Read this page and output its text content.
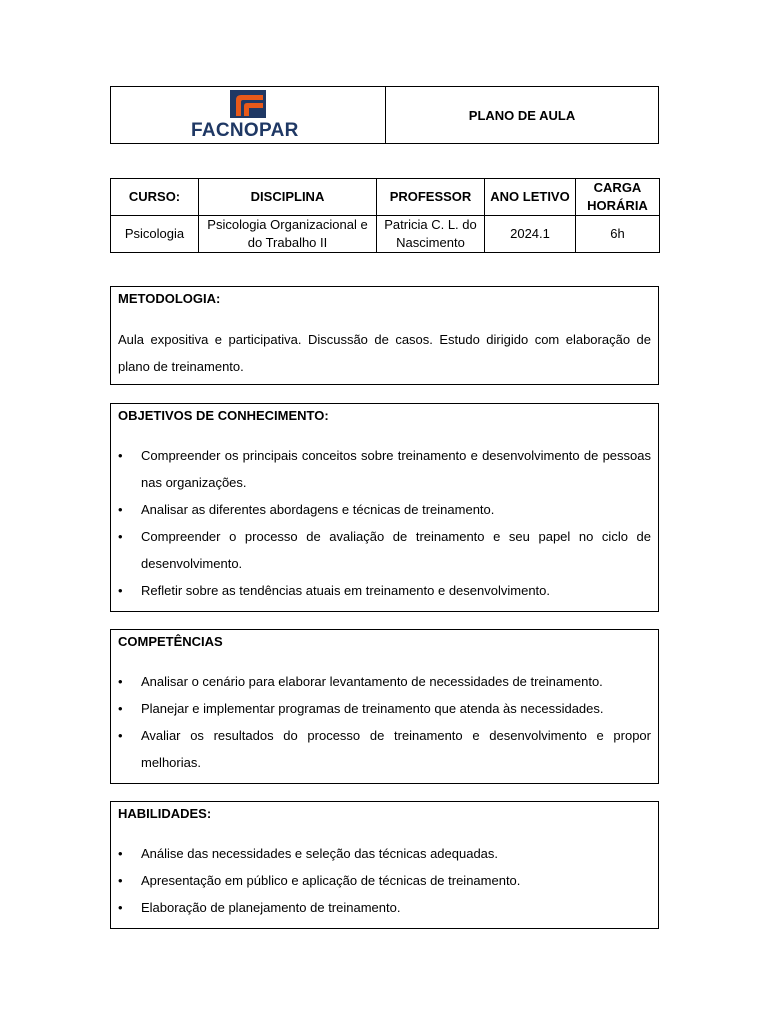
FACNOPAR
PLANO DE AULA
CURSO:	DISCIPLINA	PROFESSOR	ANO LETIVO	CARGA HORÁRIA
Psicologia	Psicologia Organizacional e do Trabalho II	Patricia C. L. do Nascimento	2024.1	6h
METODOLOGIA:

Aula expositiva e participativa. Discussão de casos. Estudo dirigido com elaboração de plano de treinamento.

OBJETIVOS DE CONHECIMENTO:
• Compreender os principais conceitos sobre treinamento e desenvolvimento de pessoas nas organizações.
• Analisar as diferentes abordagens e técnicas de treinamento.
• Compreender o processo de avaliação de treinamento e seu papel no ciclo de desenvolvimento.
• Refletir sobre as tendências atuais em treinamento e desenvolvimento.
COMPETÊNCIAS
• Analisar o cenário para elaborar levantamento de necessidades de treinamento.
• Planejar e implementar programas de treinamento que atenda às necessidades.
• Avaliar os resultados do processo de treinamento e desenvolvimento e propor melhorias.
HABILIDADES:
• Análise das necessidades e seleção das técnicas adequadas.
• Apresentação em público e aplicação de técnicas de treinamento.
• Elaboração de planejamento de treinamento.
